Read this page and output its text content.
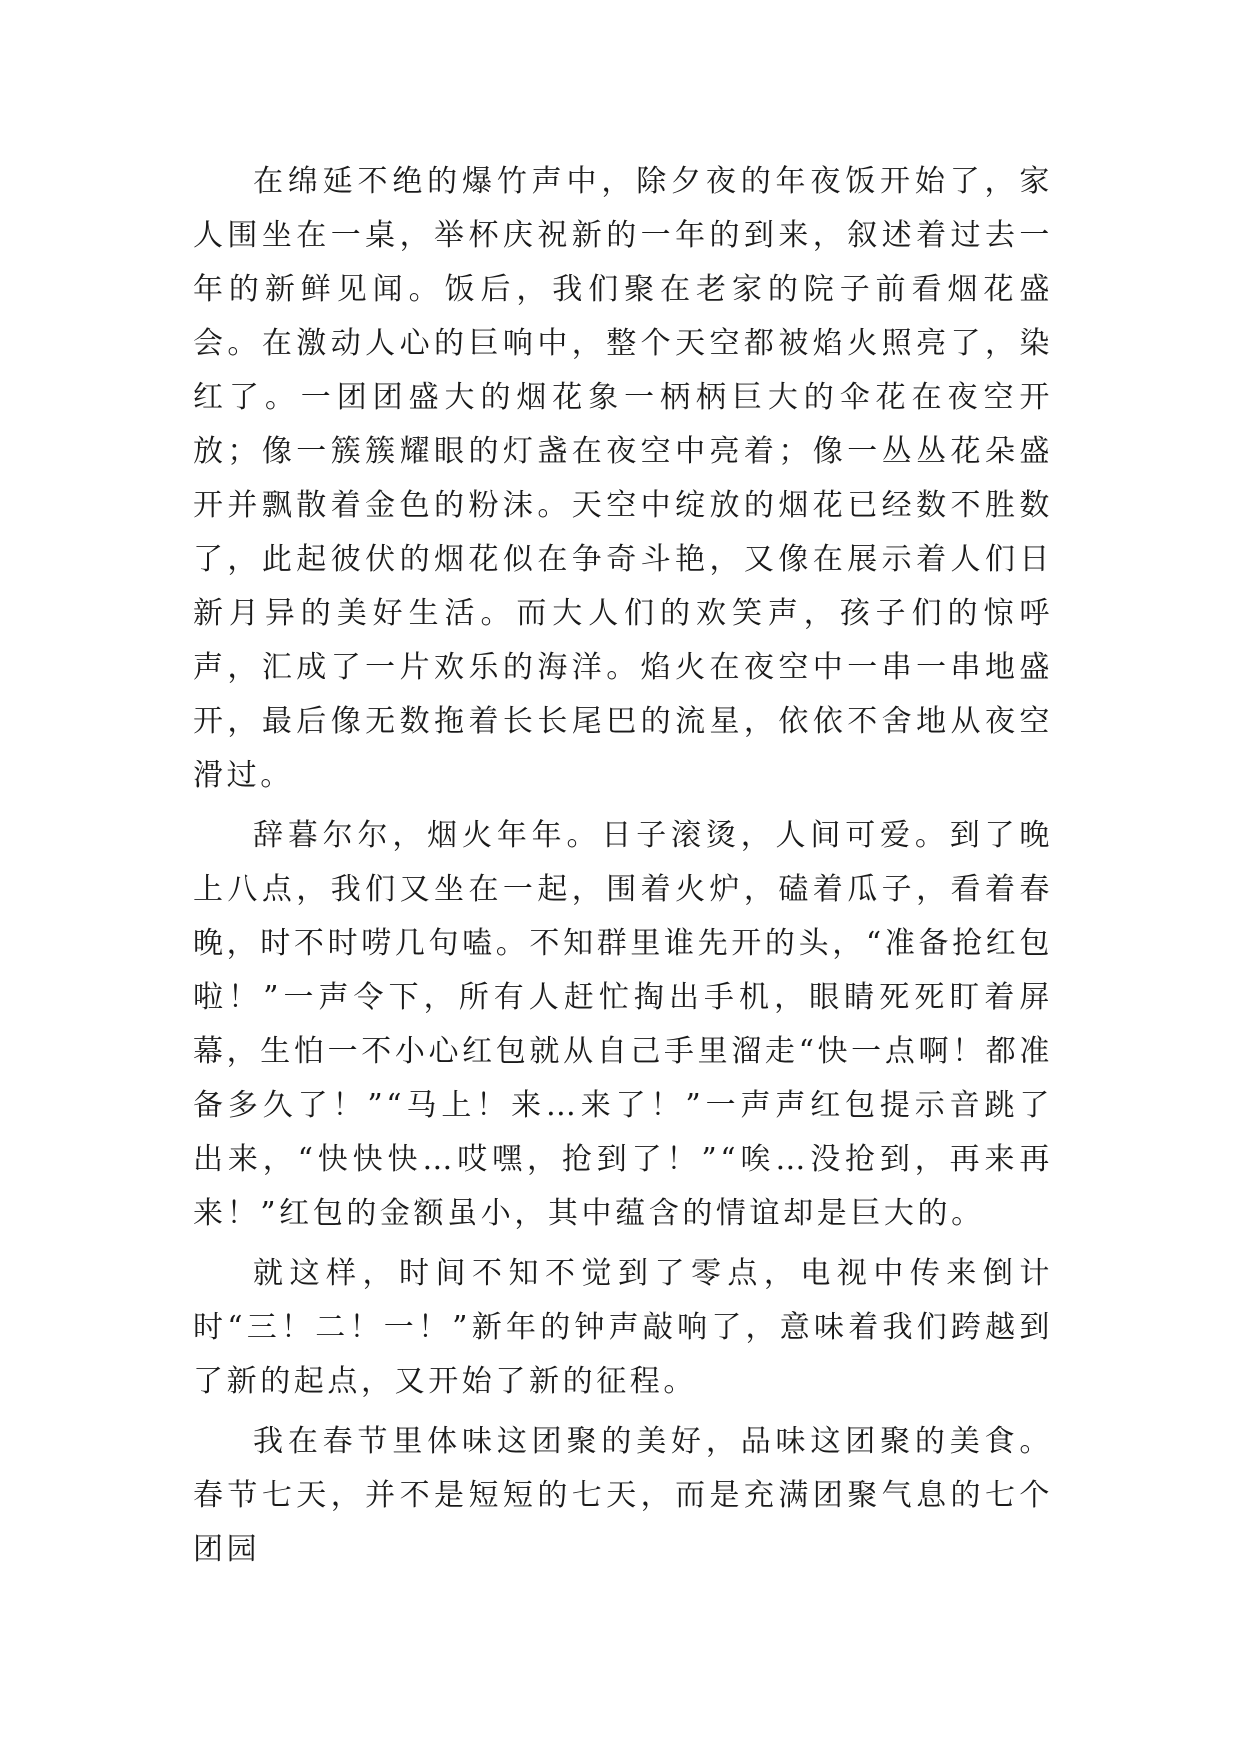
在绵延不绝的爆竹声中，除夕夜的年夜饭开始了，家人围坐在一桌，举杯庆祝新的一年的到来，叙述着过去一年的新鲜见闻。饭后，我们聚在老家的院子前看烟花盛会。在激动人心的巨响中，整个天空都被焰火照亮了，染红了。一团团盛大的烟花象一柄柄巨大的伞花在夜空开放；像一簇簇耀眼的灯盏在夜空中亮着；像一丛丛花朵盛开并飘散着金色的粉沫。天空中绽放的烟花已经数不胜数了，此起彼伏的烟花似在争奇斗艳，又像在展示着人们日新月异的美好生活。而大人们的欢笑声，孩子们的惊呼声，汇成了一片欢乐的海洋。焰火在夜空中一串一串地盛开，最后像无数拖着长长尾巴的流星，依依不舍地从夜空滑过。

辞暮尔尔，烟火年年。日子滚烫，人间可爱。到了晚上八点，我们又坐在一起，围着火炉，磕着瓜子，看着春晚，时不时唠几句嗑。不知群里谁先开的头，“准备抢红包啦！”一声令下，所有人赶忙掏出手机，眼睛死死盯着屏幕，生怕一不小心红包就从自己手里溜走“快一点啊！都准备多久了！”“马上！来…来了！”一声声红包提示音跳了出来，“快快快…哎嘿，抢到了！”“唉…没抢到，再来再来！”红包的金额虽小，其中蕴含的情谊却是巨大的。

就这样，时间不知不觉到了零点，电视中传来倒计时“三！二！一！”新年的钟声敲响了，意味着我们跨越到了新的起点，又开始了新的征程。

我在春节里体味这团聚的美好，品味这团聚的美食。春节七天，并不是短短的七天，而是充满团聚气息的七个团园
